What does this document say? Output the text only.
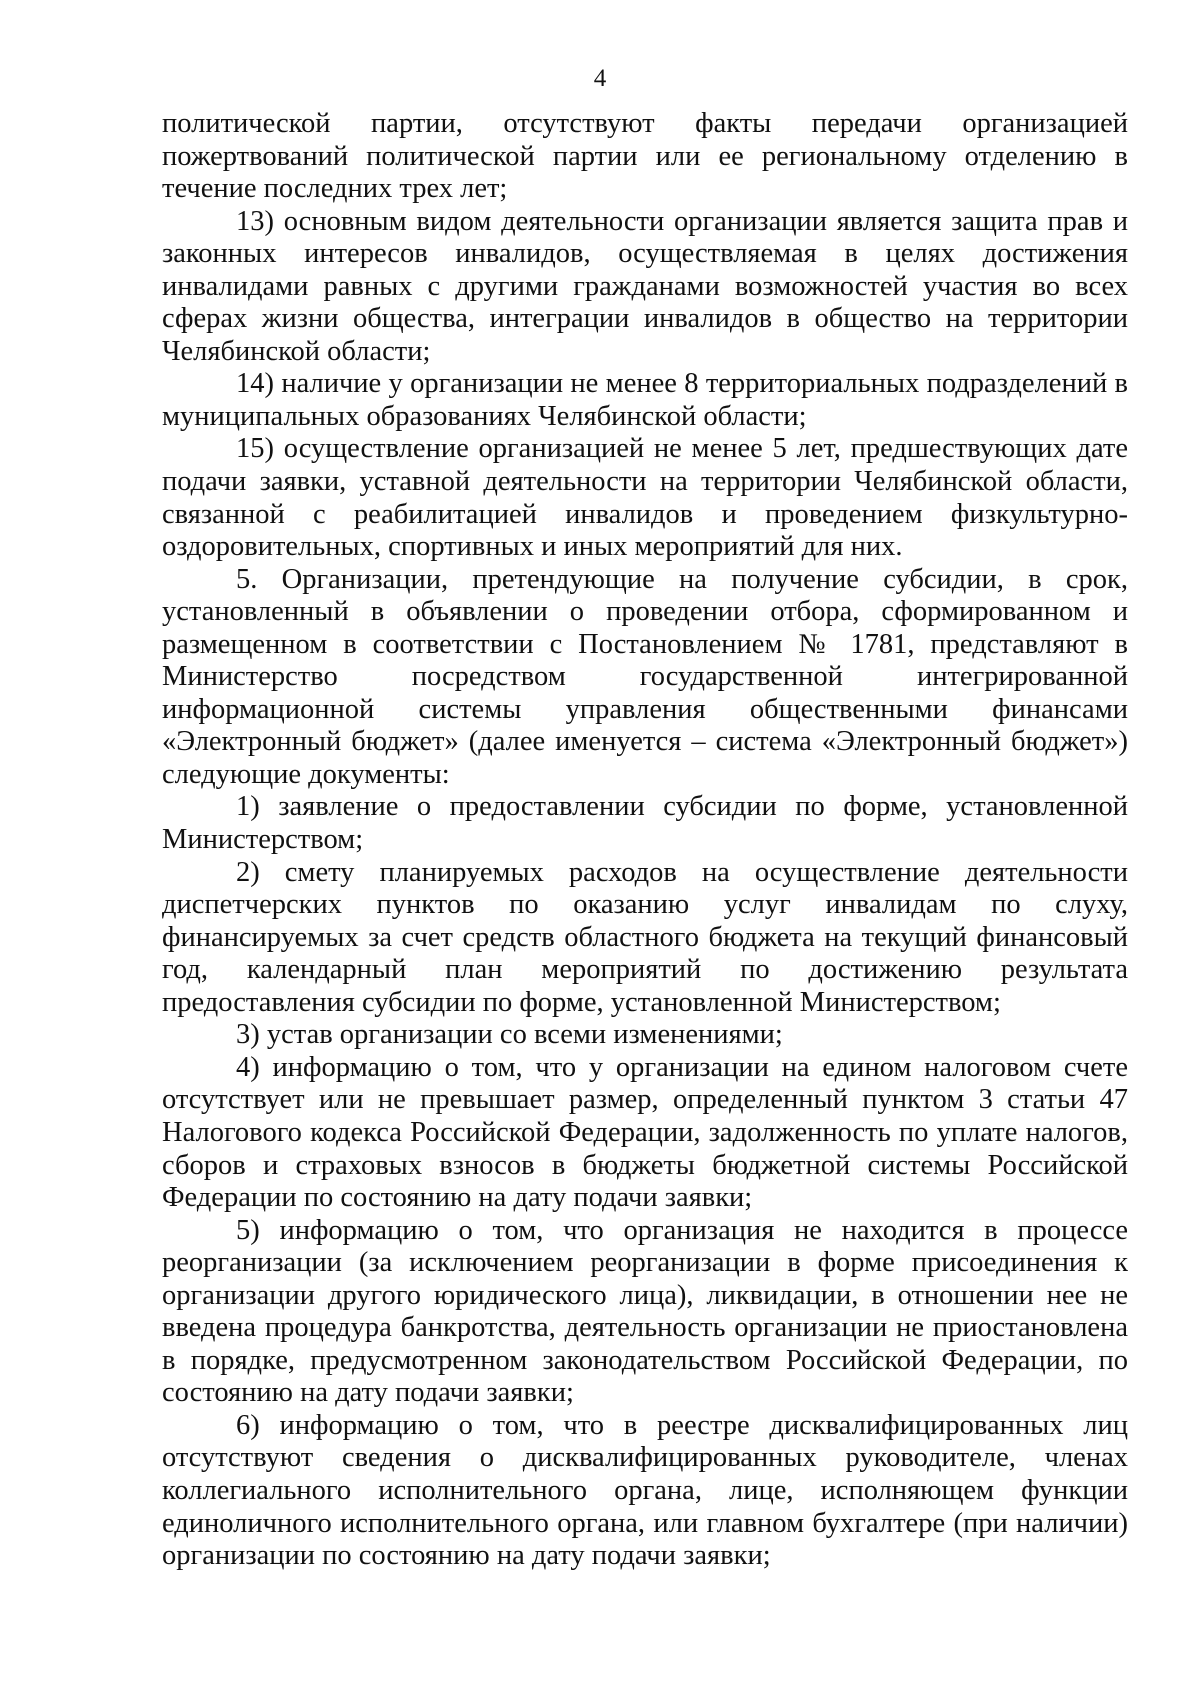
4

политической партии, отсутствуют факты передачи организацией пожертвований политической партии или ее региональному отделению в течение последних трех лет;

13) основным видом деятельности организации является защита прав и законных интересов инвалидов, осуществляемая в целях достижения инвалидами равных с другими гражданами возможностей участия во всех сферах жизни общества, интеграции инвалидов в общество на территории Челябинской области;

14) наличие у организации не менее 8 территориальных подразделений в муниципальных образованиях Челябинской области;

15) осуществление организацией не менее 5 лет, предшествующих дате подачи заявки, уставной деятельности на территории Челябинской области, связанной с реабилитацией инвалидов и проведением физкультурно-оздоровительных, спортивных и иных мероприятий для них.

5. Организации, претендующие на получение субсидии, в срок, установленный в объявлении о проведении отбора, сформированном и размещенном в соответствии с Постановлением № 1781, представляют в Министерство посредством государственной интегрированной информационной системы управления общественными финансами «Электронный бюджет» (далее именуется – система «Электронный бюджет») следующие документы:

1) заявление о предоставлении субсидии по форме, установленной Министерством;

2) смету планируемых расходов на осуществление деятельности диспетчерских пунктов по оказанию услуг инвалидам по слуху, финансируемых за счет средств областного бюджета на текущий финансовый год, календарный план мероприятий по достижению результата предоставления субсидии по форме, установленной Министерством;

3) устав организации со всеми изменениями;

4) информацию о том, что у организации на едином налоговом счете отсутствует или не превышает размер, определенный пунктом 3 статьи 47 Налогового кодекса Российской Федерации, задолженность по уплате налогов, сборов и страховых взносов в бюджеты бюджетной системы Российской Федерации по состоянию на дату подачи заявки;

5) информацию о том, что организация не находится в процессе реорганизации (за исключением реорганизации в форме присоединения к организации другого юридического лица), ликвидации, в отношении нее не введена процедура банкротства, деятельность организации не приостановлена в порядке, предусмотренном законодательством Российской Федерации, по состоянию на дату подачи заявки;

6) информацию о том, что в реестре дисквалифицированных лиц отсутствуют сведения о дисквалифицированных руководителе, членах коллегиального исполнительного органа, лице, исполняющем функции единоличного исполнительного органа, или главном бухгалтере (при наличии) организации по состоянию на дату подачи заявки;
